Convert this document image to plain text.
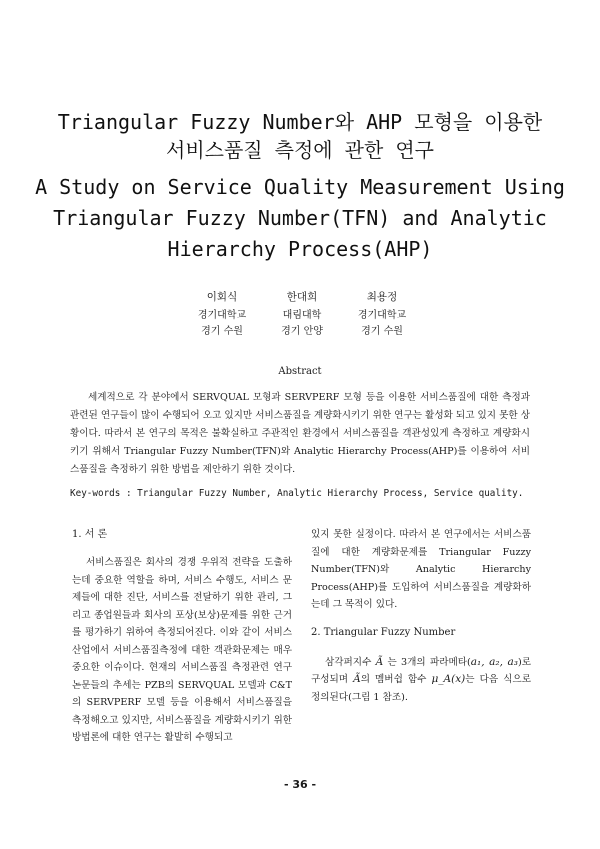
Triangular Fuzzy Number와 AHP 모형을 이용한
서비스품질 측정에 관한 연구
A Study on Service Quality Measurement Using
Triangular Fuzzy Number(TFN) and Analytic
Hierarchy Process(AHP)
이회식
경기대학교
경기 수원
한대희
대림대학
경기 안양
최용정
경기대학교
경기 수원
Abstract

세계적으로 각 분야에서 SERVQUAL 모형과 SERVPERF 모형 등을 이용한 서비스품질에 대한 측정과 관련된 연구들이 많이 수행되어 오고 있지만 서비스품질을 계량화시키기 위한 연구는 활성화 되고 있지 못한 상황이다. 따라서 본 연구의 목적은 불확실하고 주관적인 환경에서 서비스품질을 객관성있게 측정하고 계량화시키기 위해서 Triangular Fuzzy Number(TFN)와 Analytic Hierarchy Process(AHP)를 이용하여 서비스품질을 측정하기 위한 방법을 제안하기 위한 것이다.

Key-words : Triangular Fuzzy Number, Analytic Hierarchy Process, Service quality.

1. 서 론

서비스품질은 회사의 경쟁 우위적 전략을 도출하는데 중요한 역할을 하며, 서비스 수행도, 서비스 문제들에 대한 진단, 서비스를 전달하기 위한 관리, 그리고 종업원들과 회사의 포상(보상)문제를 위한 근거를 평가하기 위하여 측정되어진다. 이와 같이 서비스산업에서 서비스품질측정에 대한 객관화문제는 매우 중요한 이슈이다. 현재의 서비스품질 측정관련 연구논문들의 추세는 PZB의 SERVQUAL 모델과 C&T의 SERVPERF 모델 등을 이용해서 서비스품질을 측정해오고 있지만, 서비스품질을 계량화시키기 위한 방법론에 대한 연구는 활발히 수행되고

있지 못한 실정이다. 따라서 본 연구에서는 서비스품질에 대한 계량화문제를 Triangular Fuzzy Number(TFN)와 Analytic Hierarchy Process(AHP)를 도입하여 서비스품질을 계량화하는데 그 목적이 있다.

2. Triangular Fuzzy Number

삼각퍼지수 Ã 는 3개의 파라메타(a₁, a₂, a₃)로 구성되며 Ã의 멤버쉽 함수 μ_A(x)는 다음 식으로 정의된다(그림 1 참조).

- 36 -
